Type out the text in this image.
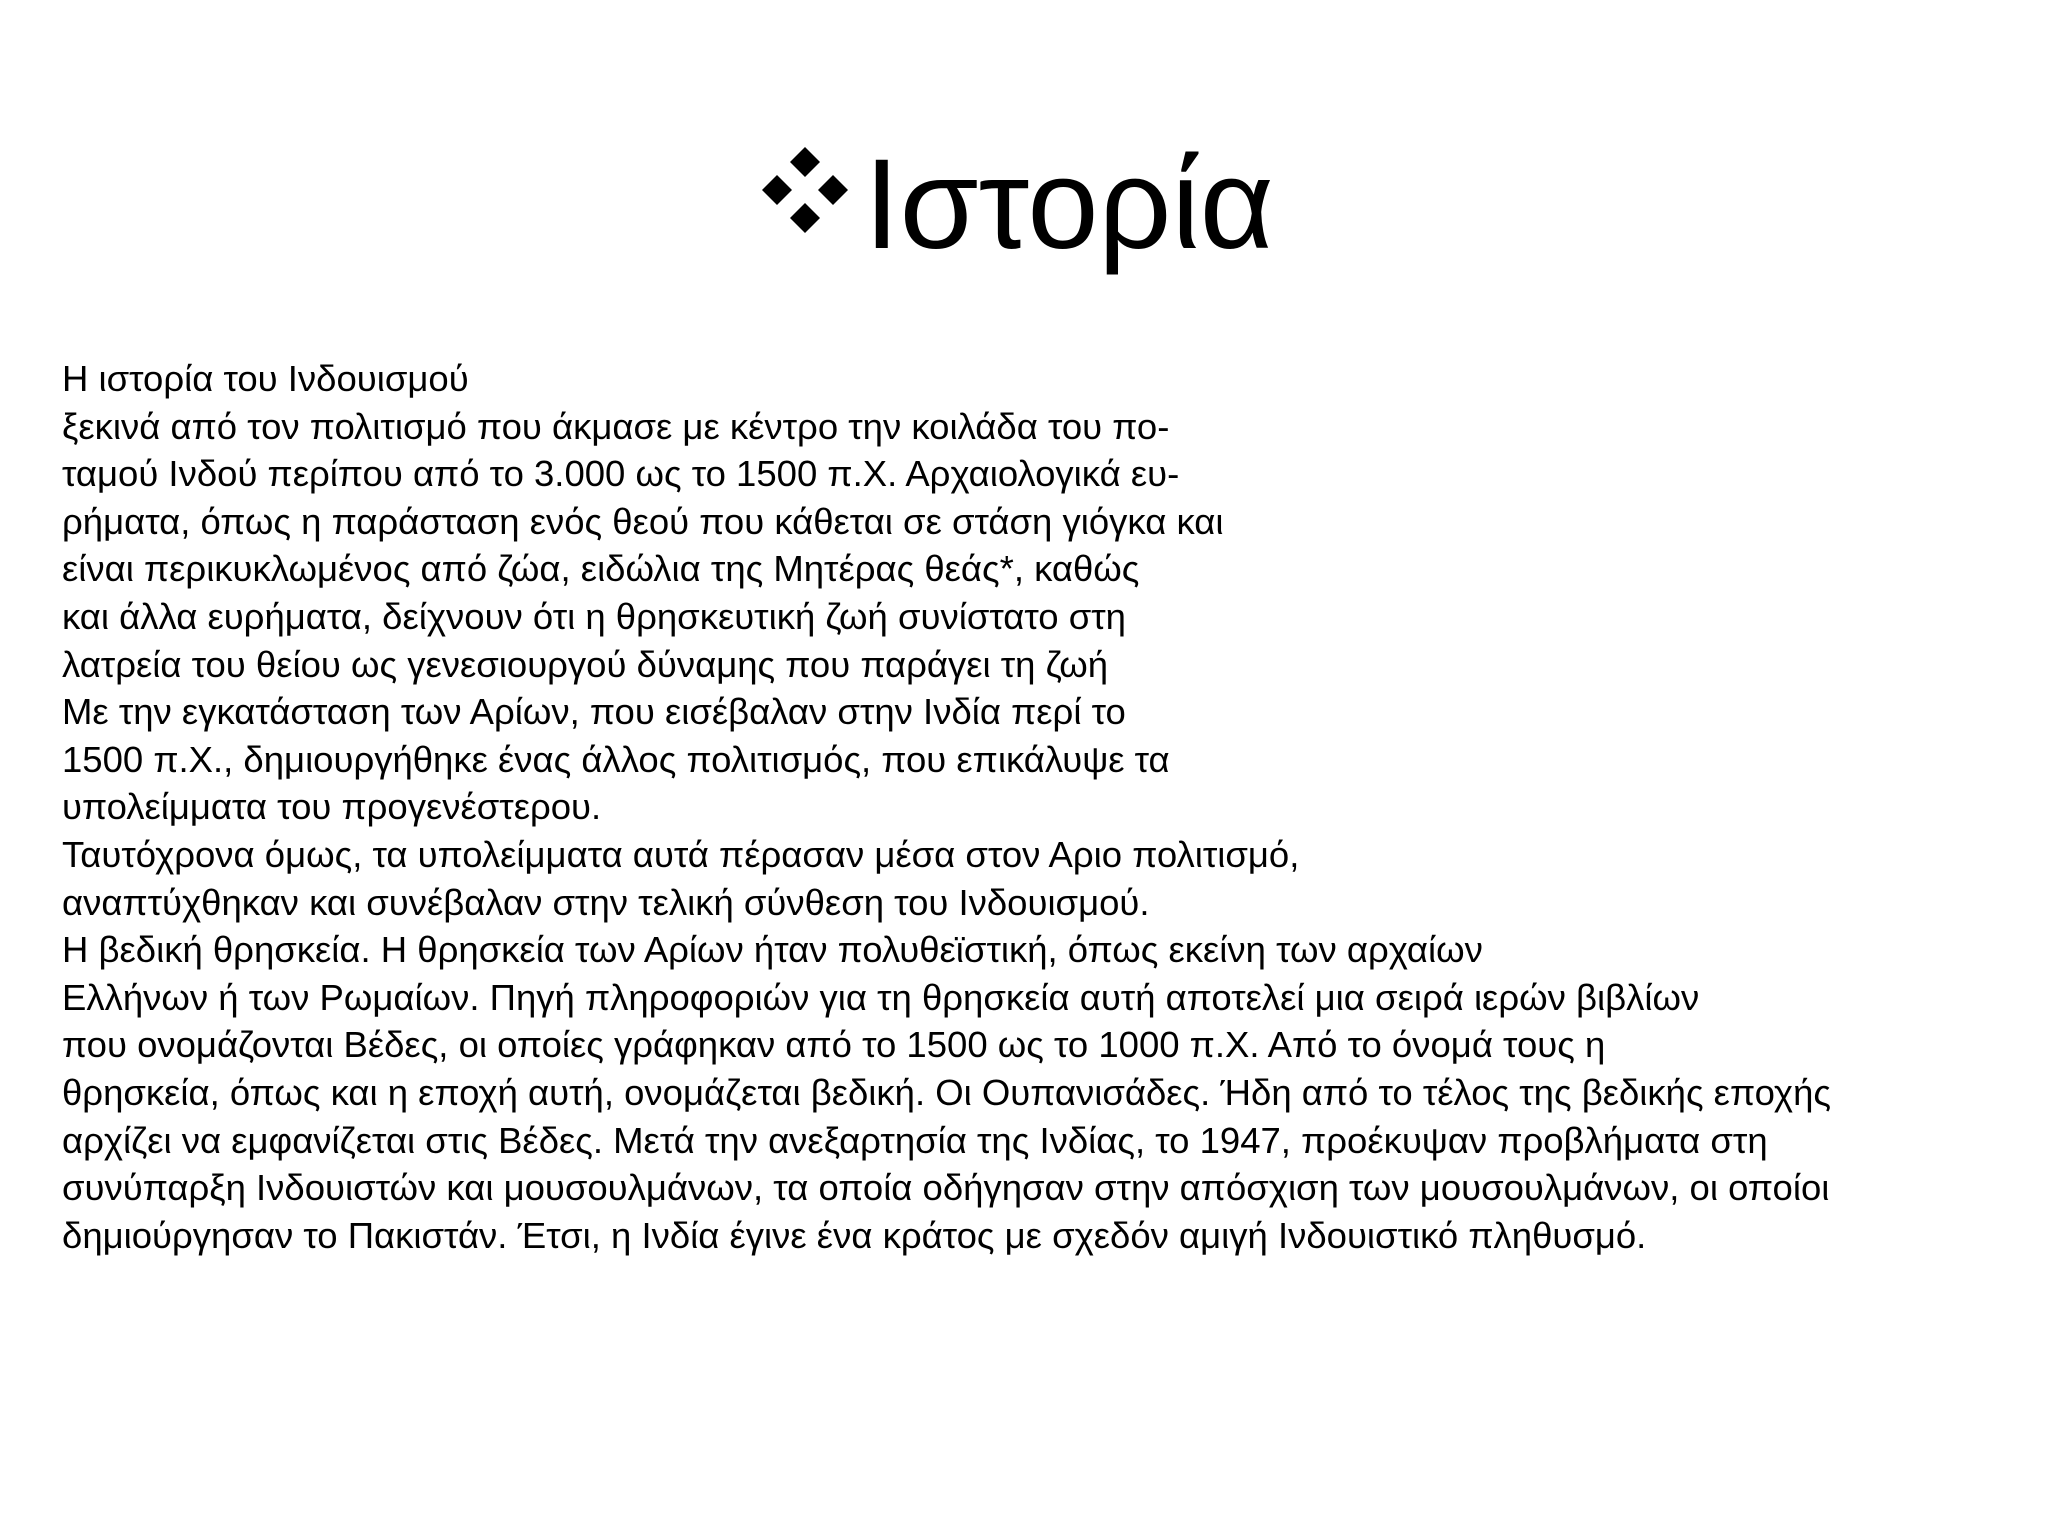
Ιστορία
Η ιστορία του Ινδουισμού
ξεκινά από τον πολιτισμό που άκμασε με κέντρο την κοιλάδα του πο-
ταμού Ινδού περίπου από το 3.000 ως το 1500 π.Χ. Αρχαιολογικά ευ-
ρήματα, όπως η παράσταση ενός θεού που κάθεται σε στάση γιόγκα και
είναι περικυκλωμένος από ζώα, ειδώλια της Μητέρας θεάς*, καθώς
και άλλα ευρήματα, δείχνουν ότι η θρησκευτική ζωή συνίστατο στη
λατρεία του θείου ως γενεσιουργού δύναμης που παράγει τη ζωή
Με την εγκατάσταση των Αρίων, που εισέβαλαν στην Ινδία περί το
1500 π.Χ., δημιουργήθηκε ένας άλλος πολιτισμός, που επικάλυψε τα
υπολείμματα του προγενέστερου.
Ταυτόχρονα όμως, τα υπολείμματα αυτά πέρασαν μέσα στον Αριο πολιτισμό,
αναπτύχθηκαν και συνέβαλαν στην τελική σύνθεση του Ινδουισμού.
Η βεδική θρησκεία. Η θρησκεία των Αρίων ήταν πολυθεϊστική, όπως εκείνη των αρχαίων
Ελλήνων ή των Ρωμαίων. Πηγή πληροφοριών για τη θρησκεία αυτή αποτελεί μια σειρά ιερών βιβλίων
που ονομάζονται Βέδες, οι οποίες γράφηκαν από το 1500 ως το 1000 π.Χ. Από το όνομά τους η
θρησκεία, όπως και η εποχή αυτή, ονομάζεται βεδική. Οι Ουπανισάδες. Ήδη από το τέλος της βεδικής εποχής
αρχίζει να εμφανίζεται στις Βέδες. Μετά την ανεξαρτησία της Ινδίας, το 1947, προέκυψαν προβλήματα στη
συνύπαρξη Ινδουιστών και μουσουλμάνων, τα οποία οδήγησαν στην απόσχιση των μουσουλμάνων, οι οποίοι
δημιούργησαν το Πακιστάν. Έτσι, η Ινδία έγινε ένα κράτος με σχεδόν αμιγή Ινδουιστικό πληθυσμό.
